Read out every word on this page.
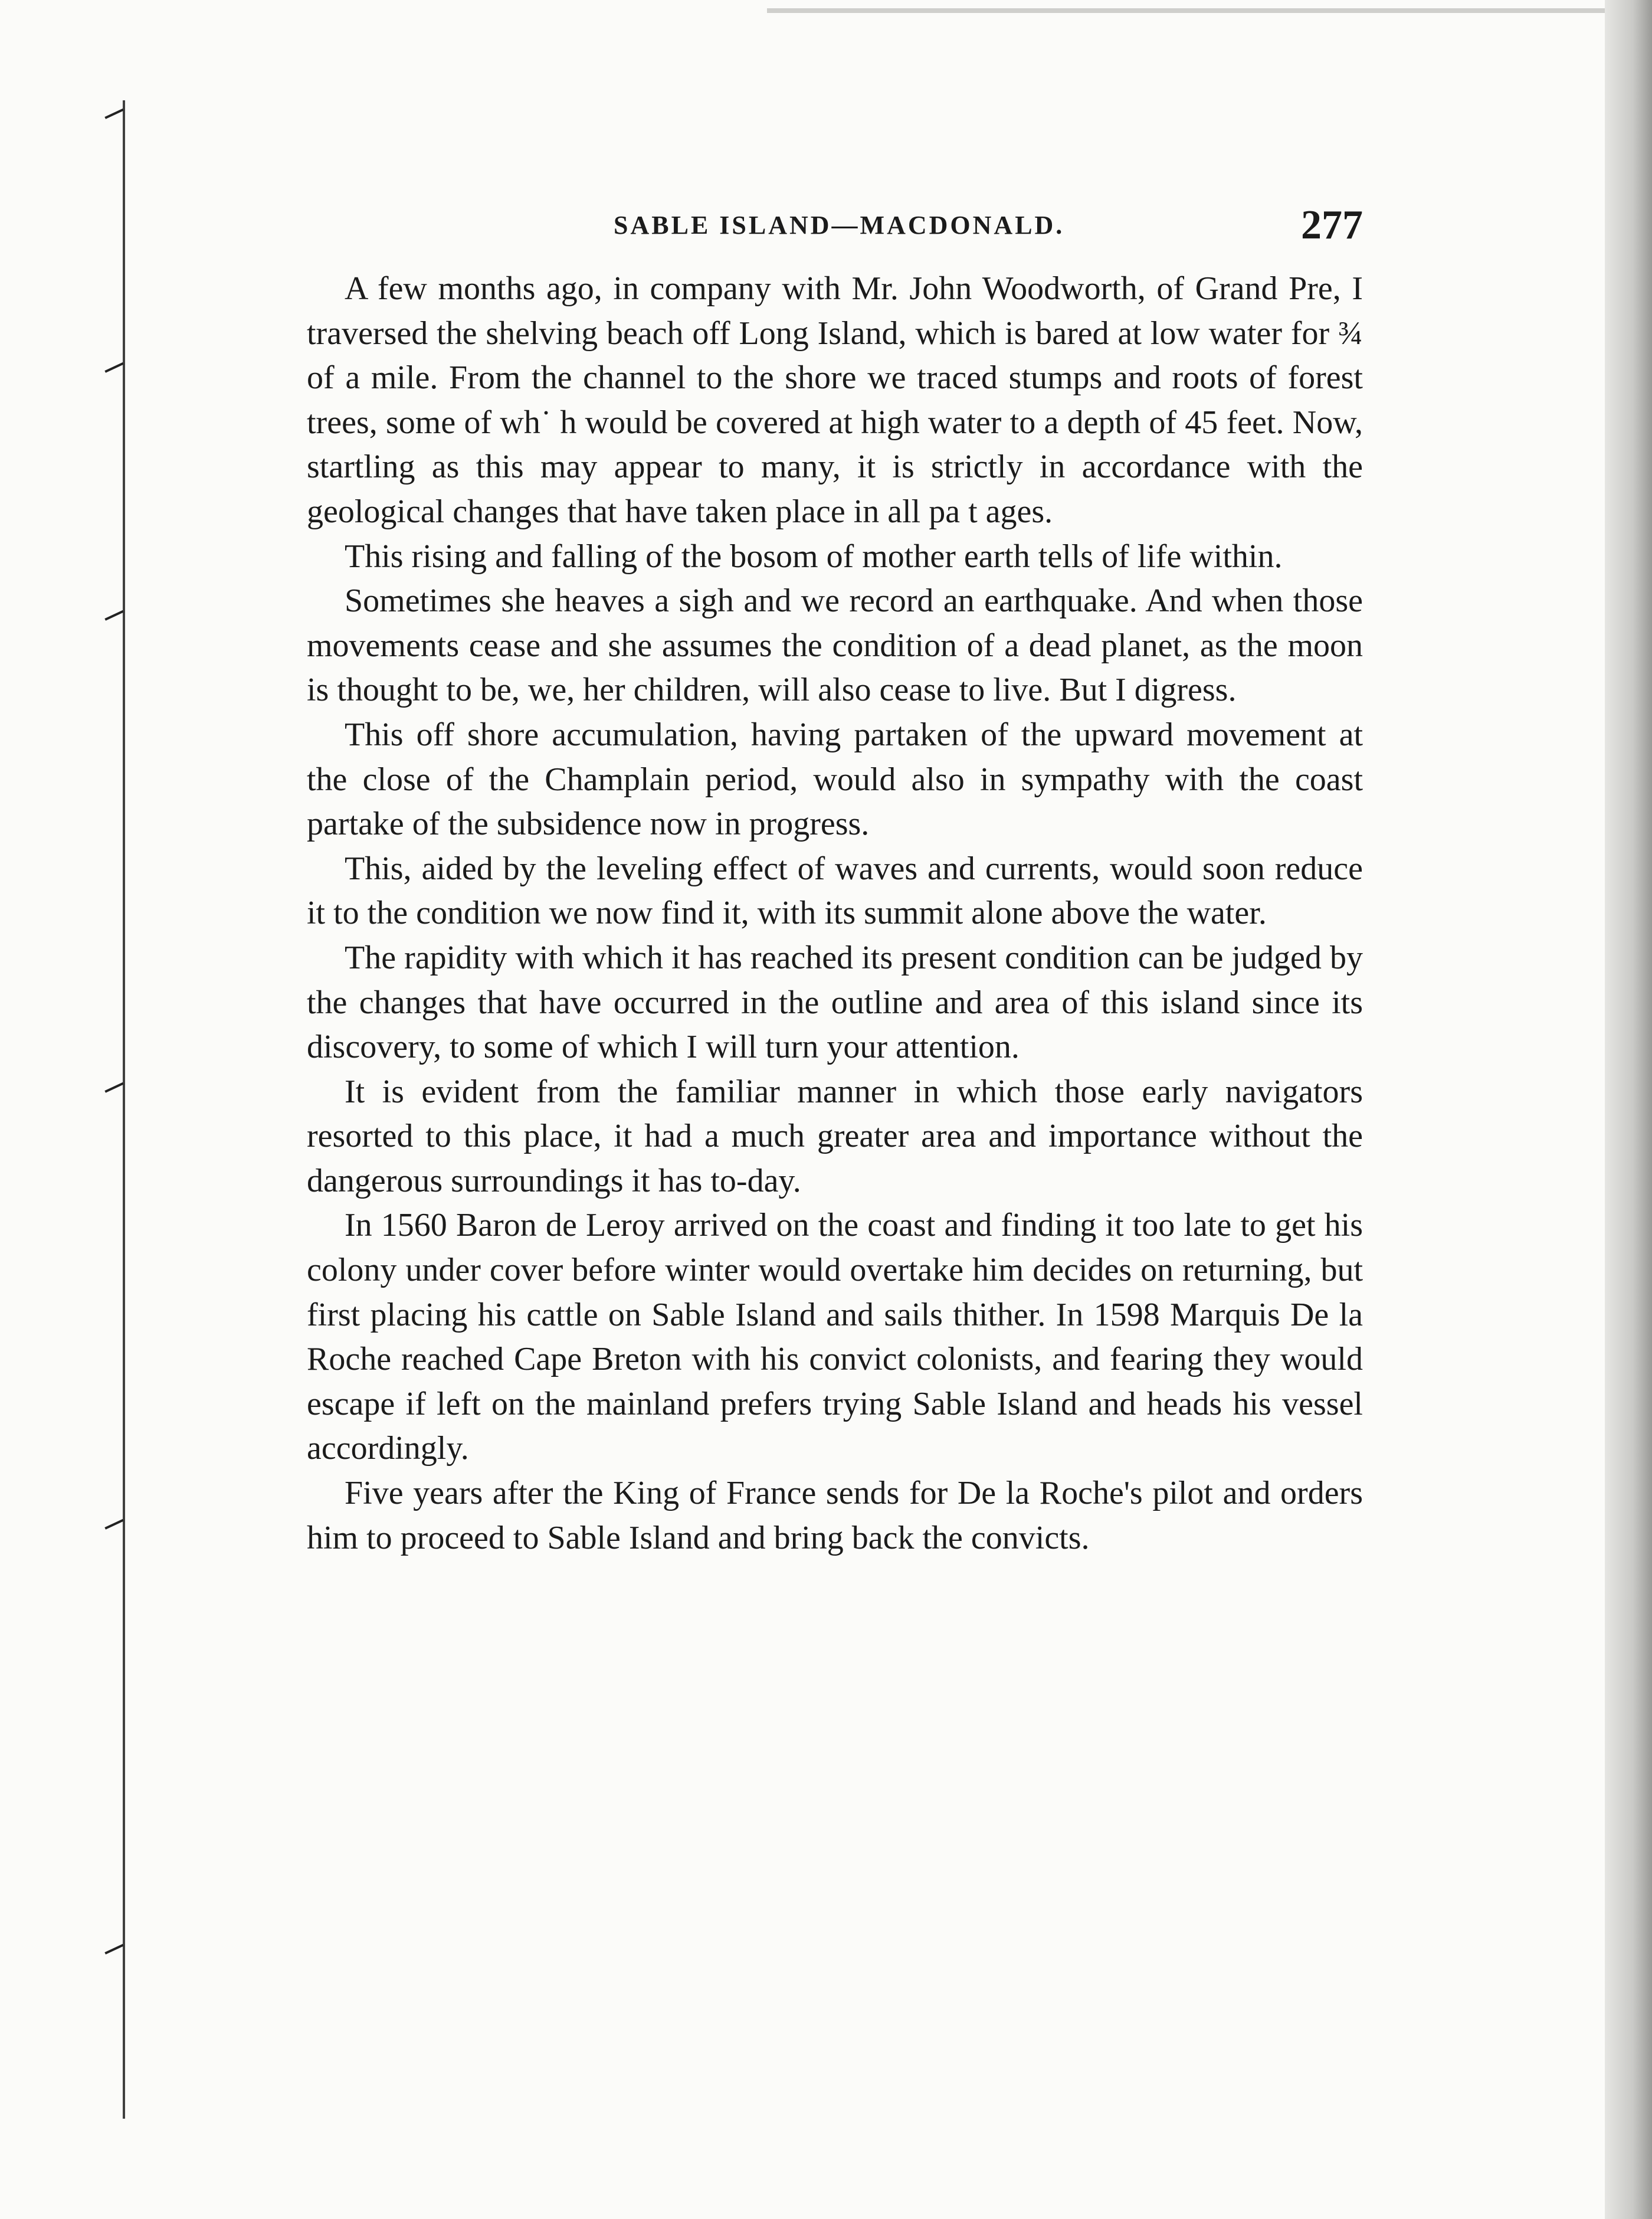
SABLE ISLAND—MACDONALD.	277

A few months ago, in company with Mr. John Woodworth, of Grand Pre, I traversed the shelving beach off Long Island, which is bared at low water for ¾ of a mile. From the channel to the shore we traced stumps and roots of forest trees, some of wh˙ h would be covered at high water to a depth of 45 feet. Now, startling as this may appear to many, it is strictly in accordance with the geological changes that have taken place in all pa t ages.

This rising and falling of the bosom of mother earth tells of life within.

Sometimes she heaves a sigh and we record an earthquake. And when those movements cease and she assumes the condition of a dead planet, as the moon is thought to be, we, her children, will also cease to live. But I digress.

This off shore accumulation, having partaken of the upward movement at the close of the Champlain period, would also in sympathy with the coast partake of the subsidence now in progress.

This, aided by the leveling effect of waves and currents, would soon reduce it to the condition we now find it, with its summit alone above the water.

The rapidity with which it has reached its present condition can be judged by the changes that have occurred in the outline and area of this island since its discovery, to some of which I will turn your attention.

It is evident from the familiar manner in which those early navigators resorted to this place, it had a much greater area and importance without the dangerous surroundings it has to-day.

In 1560 Baron de Leroy arrived on the coast and finding it too late to get his colony under cover before winter would overtake him decides on returning, but first placing his cattle on Sable Island and sails thither. In 1598 Marquis De la Roche reached Cape Breton with his convict colonists, and fearing they would escape if left on the mainland prefers trying Sable Island and heads his vessel accordingly.

Five years after the King of France sends for De la Roche's pilot and orders him to proceed to Sable Island and bring back the convicts.
